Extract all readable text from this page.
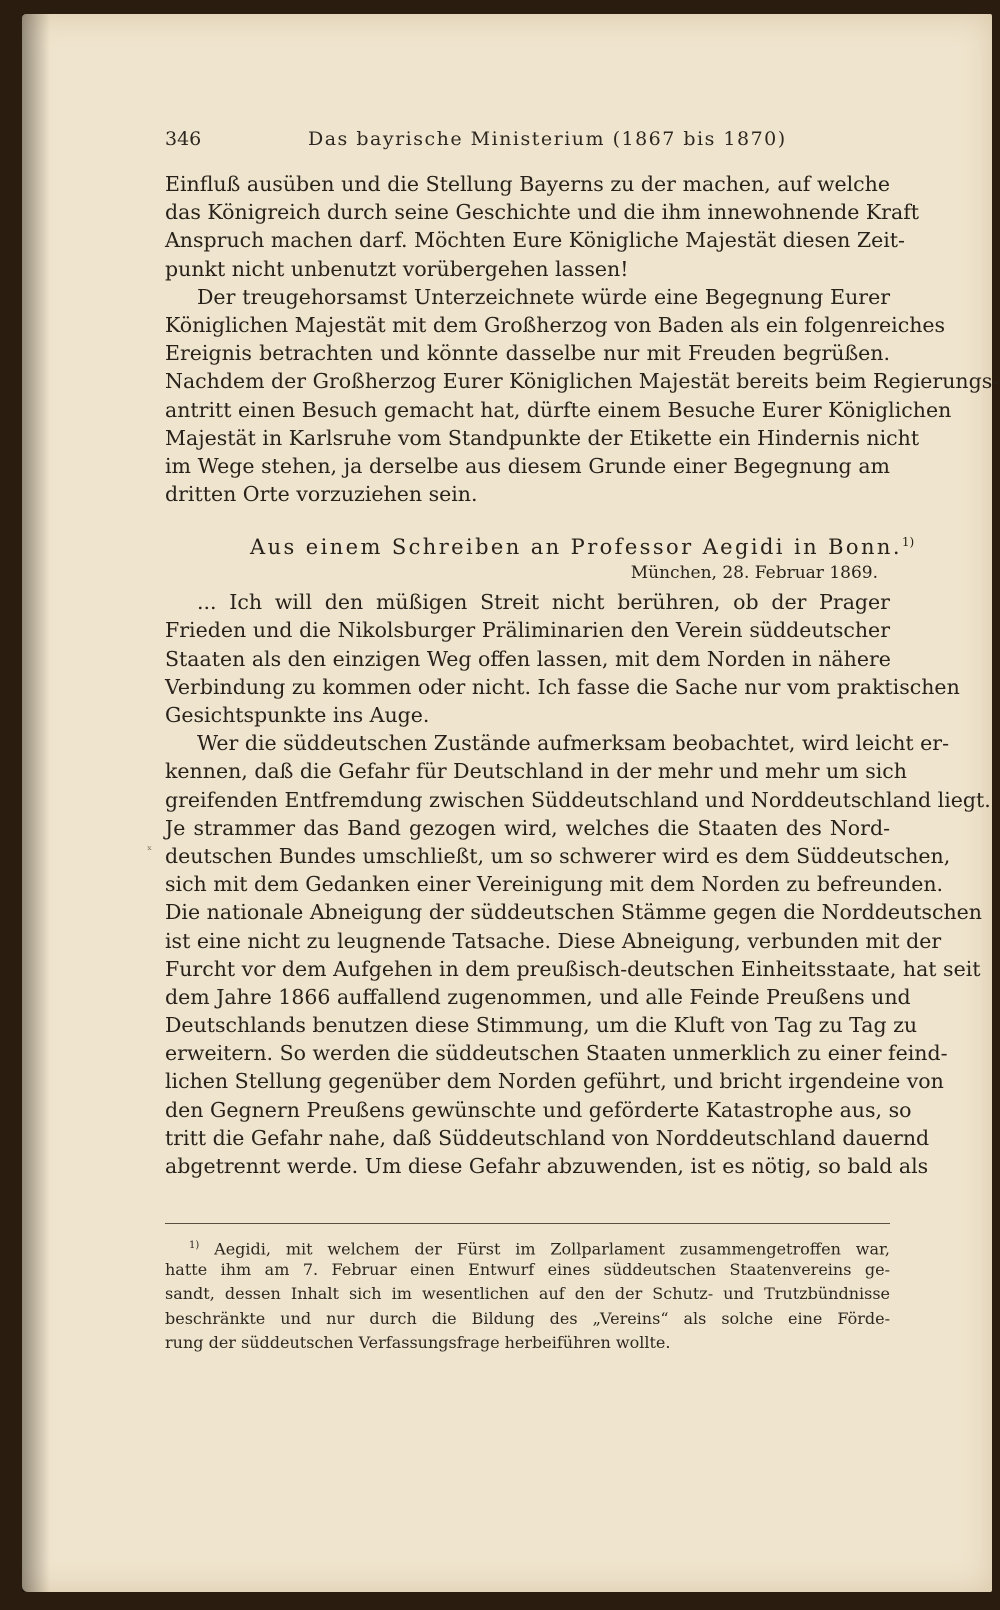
346	Das bayrische Ministerium (1867 bis 1870)
ˣ
Einfluß ausüben und die Stellung Bayerns zu der machen, auf welche
das Königreich durch seine Geschichte und die ihm innewohnende Kraft
Anspruch machen darf. Möchten Eure Königliche Majestät diesen Zeit-
punkt nicht unbenutzt vorübergehen lassen!
Der treugehorsamst Unterzeichnete würde eine Begegnung Eurer
Königlichen Majestät mit dem Großherzog von Baden als ein folgenreiches
Ereignis betrachten und könnte dasselbe nur mit Freuden begrüßen.
Nachdem der Großherzog Eurer Königlichen Majestät bereits beim Regierungs-
antritt einen Besuch gemacht hat, dürfte einem Besuche Eurer Königlichen
Majestät in Karlsruhe vom Standpunkte der Etikette ein Hindernis nicht
im Wege stehen, ja derselbe aus diesem Grunde einer Begegnung am
dritten Orte vorzuziehen sein.
Aus einem Schreiben an Professor Aegidi in Bonn.$^{1)}$
München, 28. Februar 1869.
... Ich will den müßigen Streit nicht berühren, ob der Prager
Frieden und die Nikolsburger Präliminarien den Verein süddeutscher
Staaten als den einzigen Weg offen lassen, mit dem Norden in nähere
Verbindung zu kommen oder nicht. Ich fasse die Sache nur vom praktischen
Gesichtspunkte ins Auge.
Wer die süddeutschen Zustände aufmerksam beobachtet, wird leicht er-
kennen, daß die Gefahr für Deutschland in der mehr und mehr um sich
greifenden Entfremdung zwischen Süddeutschland und Norddeutschland liegt.
Je strammer das Band gezogen wird, welches die Staaten des Nord-
deutschen Bundes umschließt, um so schwerer wird es dem Süddeutschen,
sich mit dem Gedanken einer Vereinigung mit dem Norden zu befreunden.
Die nationale Abneigung der süddeutschen Stämme gegen die Norddeutschen
ist eine nicht zu leugnende Tatsache. Diese Abneigung, verbunden mit der
Furcht vor dem Aufgehen in dem preußisch-deutschen Einheitsstaate, hat seit
dem Jahre 1866 auffallend zugenommen, und alle Feinde Preußens und
Deutschlands benutzen diese Stimmung, um die Kluft von Tag zu Tag zu
erweitern. So werden die süddeutschen Staaten unmerklich zu einer feind-
lichen Stellung gegenüber dem Norden geführt, und bricht irgendeine von
den Gegnern Preußens gewünschte und geförderte Katastrophe aus, so
tritt die Gefahr nahe, daß Süddeutschland von Norddeutschland dauernd
abgetrennt werde. Um diese Gefahr abzuwenden, ist es nötig, so bald als
$^{1)}$ Aegidi, mit welchem der Fürst im Zollparlament zusammengetroffen war,
hatte ihm am 7. Februar einen Entwurf eines süddeutschen Staatenvereins ge-
sandt, dessen Inhalt sich im wesentlichen auf den der Schutz- und Trutzbündnisse
beschränkte und nur durch die Bildung des „Vereins“ als solche eine Förde-
rung der süddeutschen Verfassungsfrage herbeiführen wollte.
